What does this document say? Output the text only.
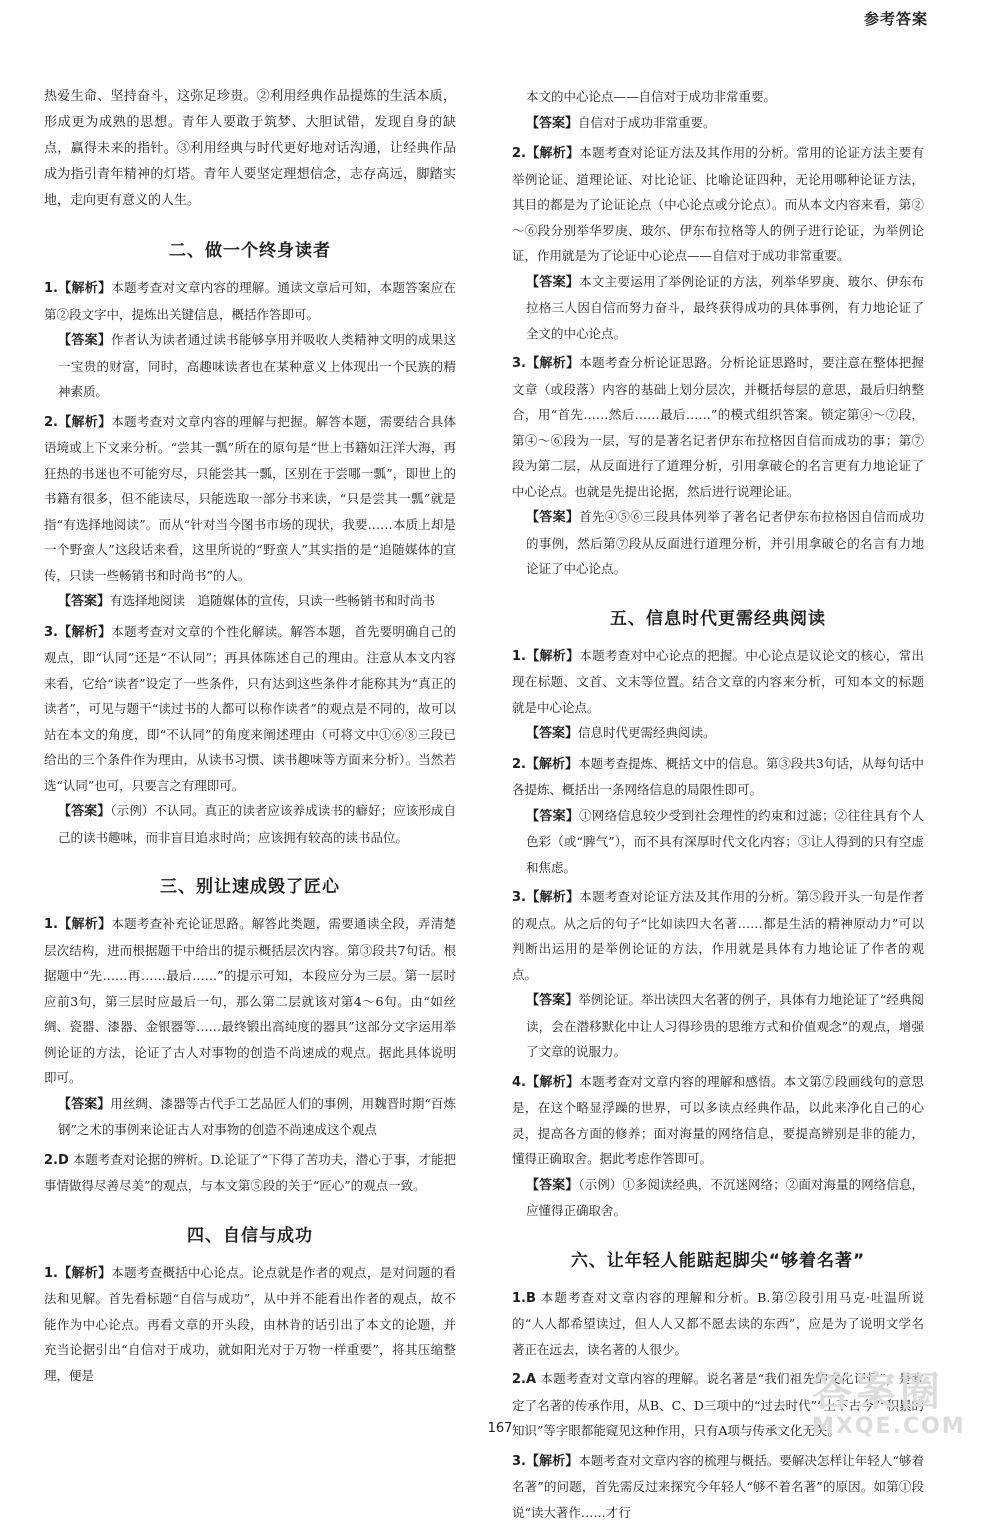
参考答案

热爱生命、坚持奋斗，这弥足珍贵。②利用经典作品提炼的生活本质，形成更为成熟的思想。青年人要敢于筑梦、大胆试错，发现自身的缺点，赢得未来的指针。③利用经典与时代更好地对话沟通，让经典作品成为指引青年精神的灯塔。青年人要坚定理想信念，志存高远，脚踏实地，走向更有意义的人生。

二、做一个终身读者

1.【解析】本题考查对文章内容的理解。通读文章后可知，本题答案应在第②段文字中，提炼出关键信息，概括作答即可。

【答案】作者认为读者通过读书能够享用并吸收人类精神文明的成果这一宝贵的财富，同时，高趣味读者也在某种意义上体现出一个民族的精神素质。

2.【解析】本题考查对文章内容的理解与把握。解答本题，需要结合具体语境或上下文来分析。“尝其一瓢”所在的原句是“世上书籍如汪洋大海，再狂热的书迷也不可能穷尽，只能尝其一瓢，区别在于尝哪一瓢”，即世上的书籍有很多，但不能读尽，只能选取一部分书来读，“只是尝其一瓢”就是指“有选择地阅读”。而从“针对当今图书市场的现状，我要……本质上却是一个野蛮人”这段话来看，这里所说的“野蛮人”其实指的是“追随媒体的宣传，只读一些畅销书和时尚书”的人。

【答案】有选择地阅读　追随媒体的宣传，只读一些畅销书和时尚书

3.【解析】本题考查对文章的个性化解读。解答本题，首先要明确自己的观点，即“认同”还是“不认同”；再具体陈述自己的理由。注意从本文内容来看，它给“读者”设定了一些条件，只有达到这些条件才能称其为“真正的读者”，可见与题干“读过书的人都可以称作读者”的观点是不同的，故可以站在本文的角度，即“不认同”的角度来阐述理由（可将文中①⑥⑧三段已给出的三个条件作为理由，从读书习惯、读书趣味等方面来分析）。当然若选“认同”也可，只要言之有理即可。

【答案】（示例）不认同。真正的读者应该养成读书的癖好；应该形成自己的读书趣味，而非盲目追求时尚；应该拥有较高的读书品位。

三、别让速成毁了匠心

1.【解析】本题考查补充论证思路。解答此类题，需要通读全段，弄清楚层次结构，进而根据题干中给出的提示概括层次内容。第③段共7句话。根据题中“先……再……最后……”的提示可知，本段应分为三层。第一层时应前3句，第三层时应最后一句，那么第二层就该对第4～6句。由“如丝绸、瓷器、漆器、金银器等……最终锻出高纯度的器具”这部分文字运用举例论证的方法，论证了古人对事物的创造不尚速成的观点。据此具体说明即可。

【答案】用丝绸、漆器等古代手工艺品匠人们的事例，用魏晋时期“百炼钢”之术的事例来论证古人对事物的创造不尚速成这个观点

2.D 本题考查对论据的辨析。D.论证了“下得了苦功夫，潜心于事，才能把事情做得尽善尽美”的观点，与本文第⑤段的关于“匠心”的观点一致。

四、自信与成功

1.【解析】本题考查概括中心论点。论点就是作者的观点，是对问题的看法和见解。首先看标题“自信与成功”，从中并不能看出作者的观点，故不能作为中心论点。再看文章的开头段，由林肯的话引出了本文的论题，并充当论据引出“自信对于成功，就如阳光对于万物一样重要”，将其压缩整理，便是

本文的中心论点——自信对于成功非常重要。

【答案】自信对于成功非常重要。

2.【解析】本题考查对论证方法及其作用的分析。常用的论证方法主要有举例论证、道理论证、对比论证、比喻论证四种，无论用哪种论证方法，其目的都是为了论证论点（中心论点或分论点）。而从本文内容来看，第②～⑥段分别举华罗庚、玻尔、伊东布拉格等人的例子进行论证，为举例论证，作用就是为了论证中心论点——自信对于成功非常重要。

【答案】本文主要运用了举例论证的方法，列举华罗庚、玻尔、伊东布拉格三人因自信而努力奋斗，最终获得成功的具体事例，有力地论证了全文的中心论点。

3.【解析】本题考查分析论证思路。分析论证思路时，要注意在整体把握文章（或段落）内容的基础上划分层次，并概括每层的意思，最后归纳整合，用“首先……然后……最后……”的模式组织答案。锁定第④～⑦段，第④～⑥段为一层，写的是著名记者伊东布拉格因自信而成功的事；第⑦段为第二层，从反面进行了道理分析，引用拿破仑的名言更有力地论证了中心论点。也就是先提出论据，然后进行说理论证。

【答案】首先④⑤⑥三段具体列举了著名记者伊东布拉格因自信而成功的事例，然后第⑦段从反面进行道理分析，并引用拿破仑的名言有力地论证了中心论点。

五、信息时代更需经典阅读

1.【解析】本题考查对中心论点的把握。中心论点是议论文的核心，常出现在标题、文首、文末等位置。结合文章的内容来分析，可知本文的标题就是中心论点。

【答案】信息时代更需经典阅读。

2.【解析】本题考查提炼、概括文中的信息。第③段共3句话，从每句话中各提炼、概括出一条网络信息的局限性即可。

【答案】①网络信息较少受到社会理性的约束和过滤；②往往具有个人色彩（或“脾气”），而不具有深厚时代文化内容；③让人得到的只有空虚和焦虑。

3.【解析】本题考查对论证方法及其作用的分析。第⑤段开头一句是作者的观点。从之后的句子“比如读四大名著……都是生活的精神原动力”可以判断出运用的是举例论证的方法，作用就是具体有力地论证了作者的观点。

【答案】举例论证。举出读四大名著的例子，具体有力地论证了“经典阅读，会在潜移默化中让人习得珍贵的思维方式和价值观念”的观点，增强了文章的说服力。

4.【解析】本题考查对文章内容的理解和感悟。本文第⑦段画线句的意思是，在这个略显浮躁的世界，可以多读点经典作品，以此来净化自己的心灵，提高各方面的修养；面对海量的网络信息，要提高辨别是非的能力，懂得正确取舍。据此考虑作答即可。

【答案】（示例）①多阅读经典，不沉迷网络；②面对海量的网络信息，应懂得正确取舍。

六、让年轻人能踮起脚尖“够着名著”

1.B 本题考查对文章内容的理解和分析。B.第②段引用马克·吐温所说的“人人都希望读过，但人人又都不愿去读的东西”，应是为了说明文学名著正在远去，读名著的人很少。

2.A 本题考查对文章内容的理解。说名著是“我们祖先的文化记忆”，是肯定了名著的传承作用，从B、C、D三项中的“过去时代”“上下古今”“积累的知识”等字眼都能窥见这种作用，只有A项与传承文化无关。

3.【解析】本题考查对文章内容的梳理与概括。要解决怎样让年轻人“够着名著”的问题，首先需反过来探究今年轻人“够不着名著”的原因。如第①段说“读大著作……才行

167
答案圈
MXQE.COM
